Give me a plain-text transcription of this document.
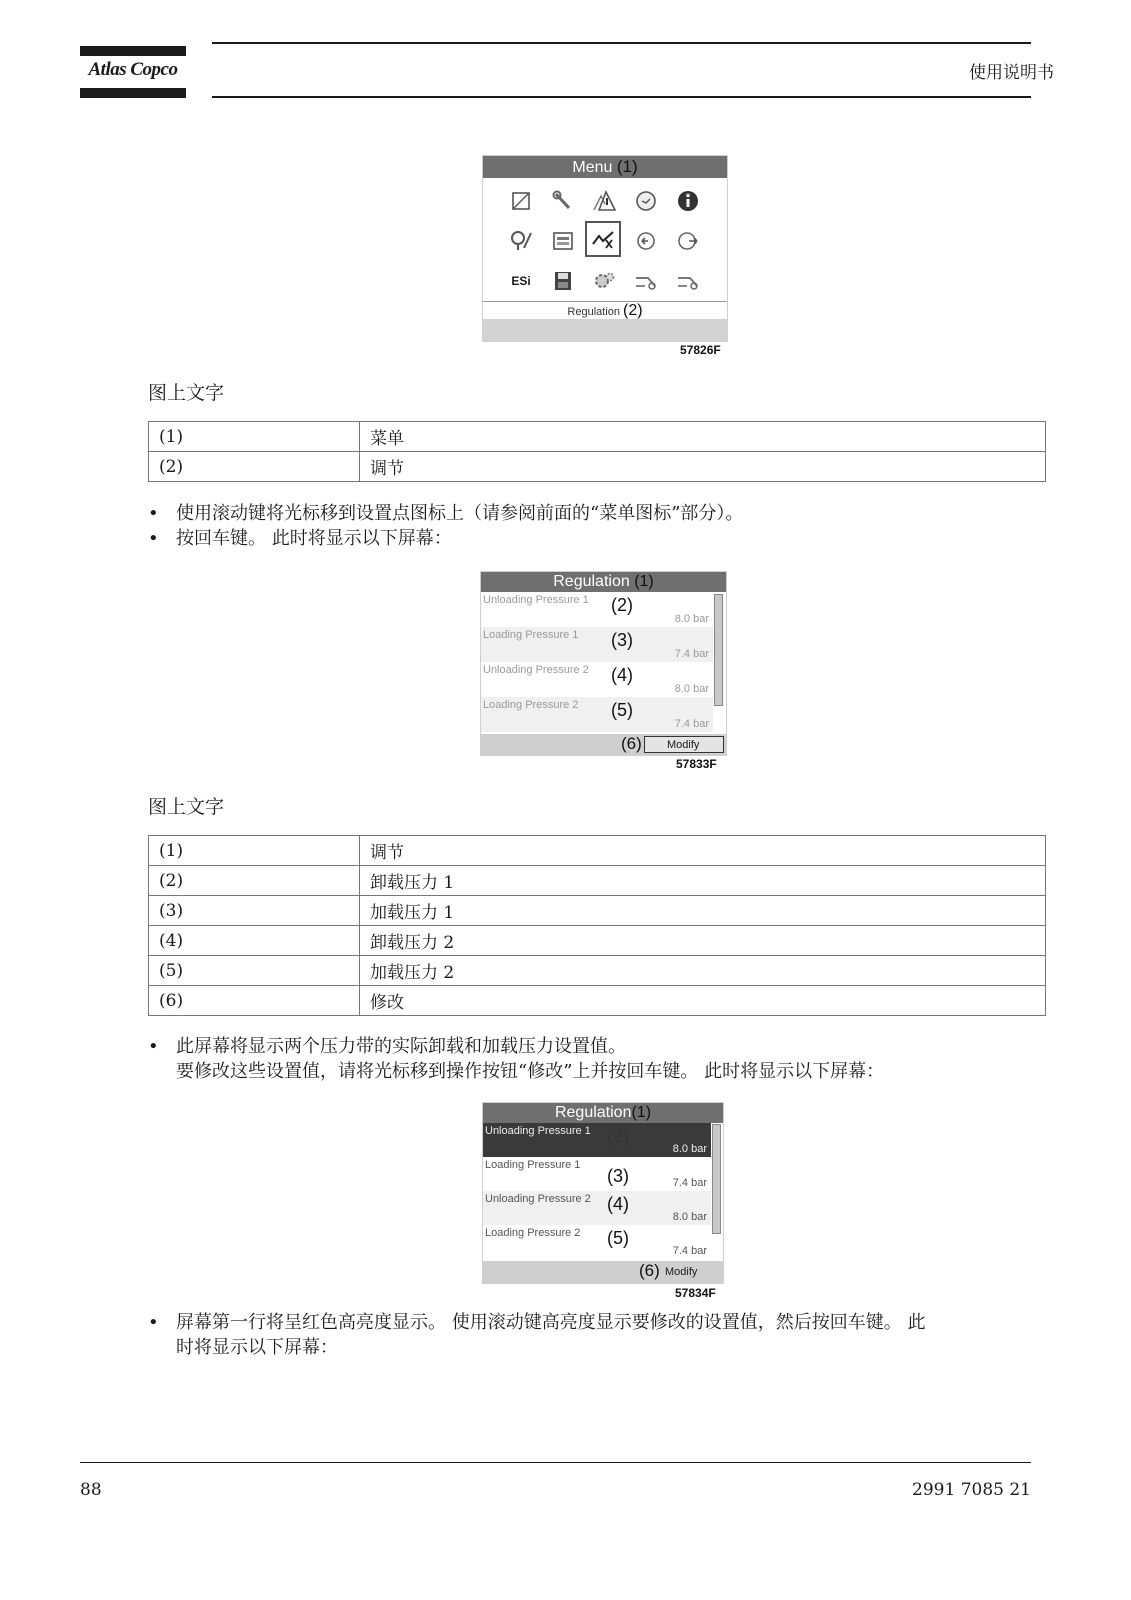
Atlas Copco	使用说明书
Menu (1)
ESi
Regulation (2)
57826F
图上文字
(1)	菜单
(2)	调节
• 使用滚动键将光标移到设置点图标上（请参阅前面的“菜单图标”部分）。
• 按回车键。 此时将显示以下屏幕：
Regulation (1)
Unloading Pressure 1 (2)
8.0 bar
Loading Pressure 1 (3)
7.4 bar
Unloading Pressure 2 (4)
8.0 bar
Loading Pressure 2 (5)
7.4 bar
(6)	Modify
57833F
图上文字
(1)	调节
(2)	卸载压力 1
(3)	加载压力 1
(4)	卸载压力 2
(5)	加载压力 2
(6)	修改
• 此屏幕将显示两个压力带的实际卸载和加载压力设置值。
要修改这些设置值，请将光标移到操作按钮“修改”上并按回车键。 此时将显示以下屏幕：
Regulation(1)
Unloading Pressure 1 (2)
8.0 bar
Loading Pressure 1
(3)	7.4 bar
Unloading Pressure 2 (4)
8.0 bar
Loading Pressure 2 (5)
7.4 bar
(6) Modify
57834F
• 屏幕第一行将呈红色高亮度显示。 使用滚动键高亮度显示要修改的设置值，然后按回车键。 此
时将显示以下屏幕：
88	2991 7085 21
